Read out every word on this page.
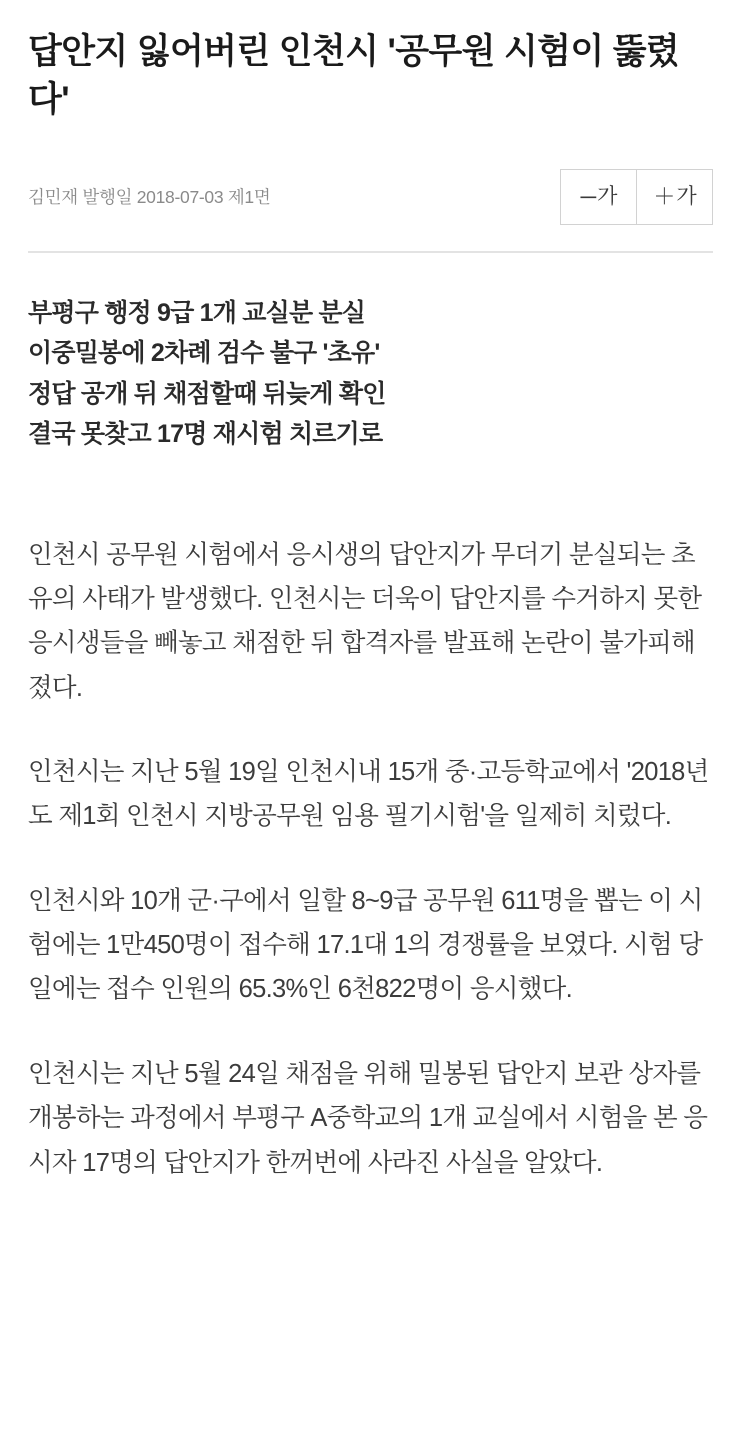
답안지 잃어버린 인천시 '공무원 시험이 뚫렸다'
김민재 발행일 2018-07-03 제1면	─ 가 ＋ 가
부평구 행정 9급 1개 교실분 분실
이중밀봉에 2차례 검수 불구 '초유'
정답 공개 뒤 채점할때 뒤늦게 확인
결국 못찾고 17명 재시험 치르기로

인천시 공무원 시험에서 응시생의 답안지가 무더기 분실되는 초유의 사태가 발생했다. 인천시는 더욱이 답안지를 수거하지 못한 응시생들을 빼놓고 채점한 뒤 합격자를 발표해 논란이 불가피해졌다.

인천시는 지난 5월 19일 인천시내 15개 중·고등학교에서 '2018년도 제1회 인천시 지방공무원 임용 필기시험'을 일제히 치렀다.

인천시와 10개 군·구에서 일할 8~9급 공무원 611명을 뽑는 이 시험에는 1만450명이 접수해 17.1대 1의 경쟁률을 보였다. 시험 당일에는 접수 인원의 65.3%인 6천822명이 응시했다.

인천시는 지난 5월 24일 채점을 위해 밀봉된 답안지 보관 상자를 개봉하는 과정에서 부평구 A중학교의 1개 교실에서 시험을 본 응시자 17명의 답안지가 한꺼번에 사라진 사실을 알았다.
